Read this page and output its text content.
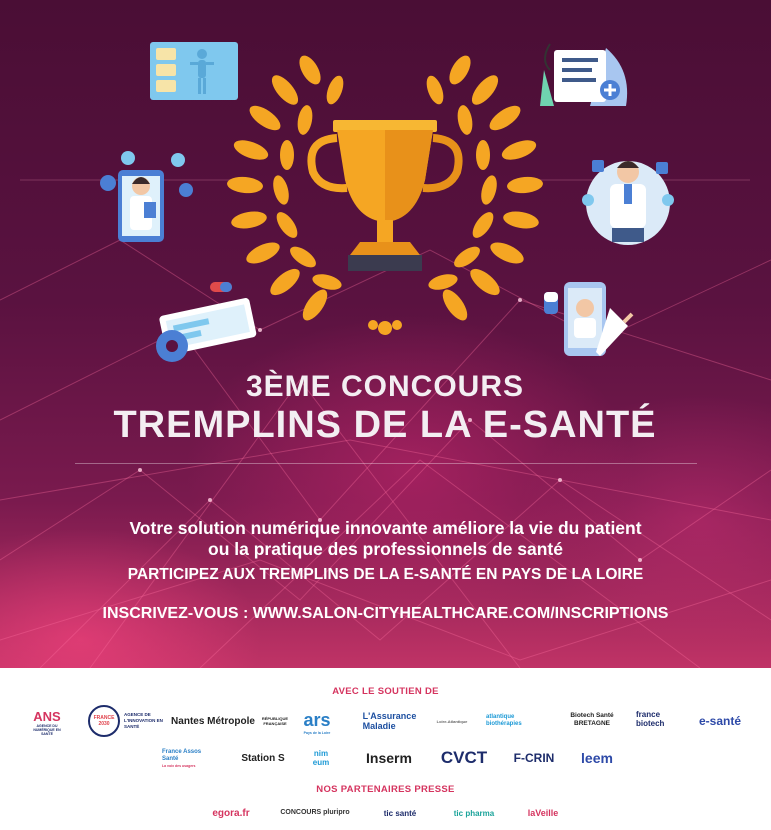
3ÈME CONCOURS
TREMPLINS DE LA E-SANTÉ
Votre solution numérique innovante améliore la vie du patient
ou la pratique des professionnels de santé
PARTICIPEZ AUX TREMPLINS DE LA E-SANTÉ EN PAYS DE LA LOIRE
INSCRIVEZ-VOUS : WWW.SALON-CITYHEALTHCARE.COM/INSCRIPTIONS
AVEC LE SOUTIEN DE
ANS
AGENCE DU NUMÉRIQUE EN SANTÉ
FRANCE 2030
AGENCE DE L'INNOVATION EN SANTÉ	Nantes Métropole	RÉPUBLIQUE FRANÇAISE ars
Pays de la Loire
L'Assurance Maladie	Loire-Atlantique
atlantique biothérapies
Biotech Santé BRETAGNE
france biotech	e-santé
France Assos Santé
La voix des usagers
Station S	nim eum	Inserm	CVCT F-CRIN	leem
NOS PARTENAIRES PRESSE
egora.fr	CONCOURS pluripro	tic santé	tic pharma	laVeille
